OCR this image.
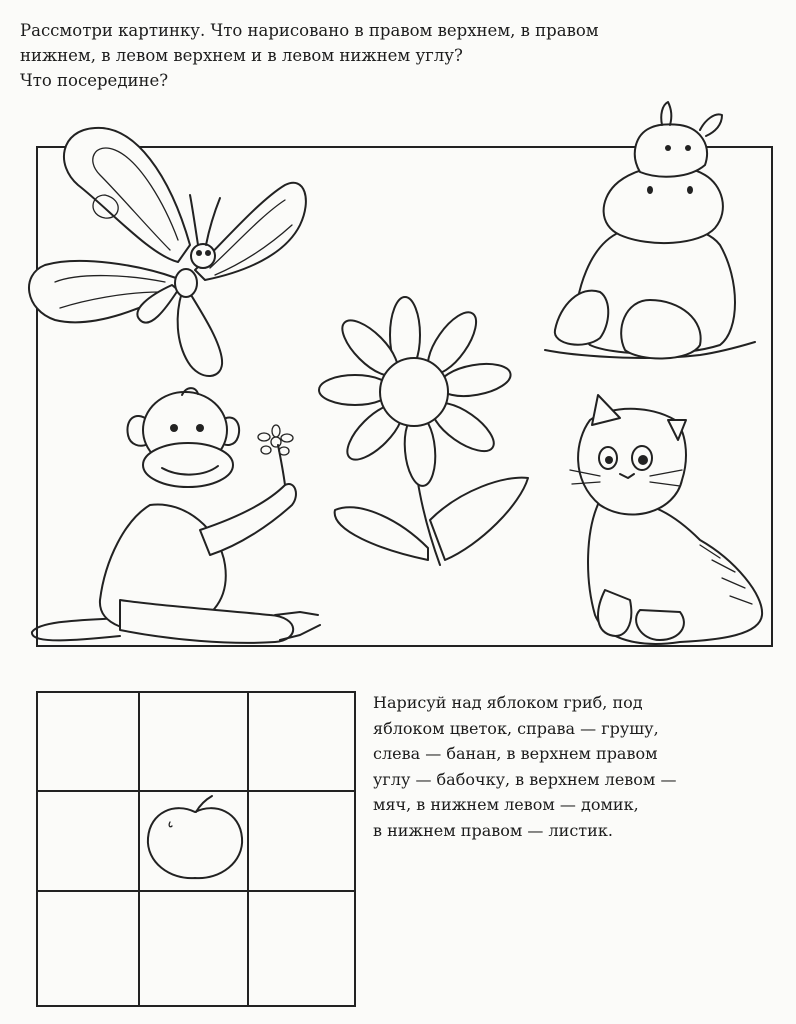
Рассмотри картинку. Что нарисовано в правом верхнем, в правом
нижнем, в левом верхнем и в левом нижнем углу?
Что посередине?

Нарисуй над яблоком гриб, под
яблоком цветок, справа — грушу,
слева — банан, в верхнем правом
углу — бабочку, в верхнем левом —
мяч, в нижнем левом — домик,
в нижнем правом — листик.
